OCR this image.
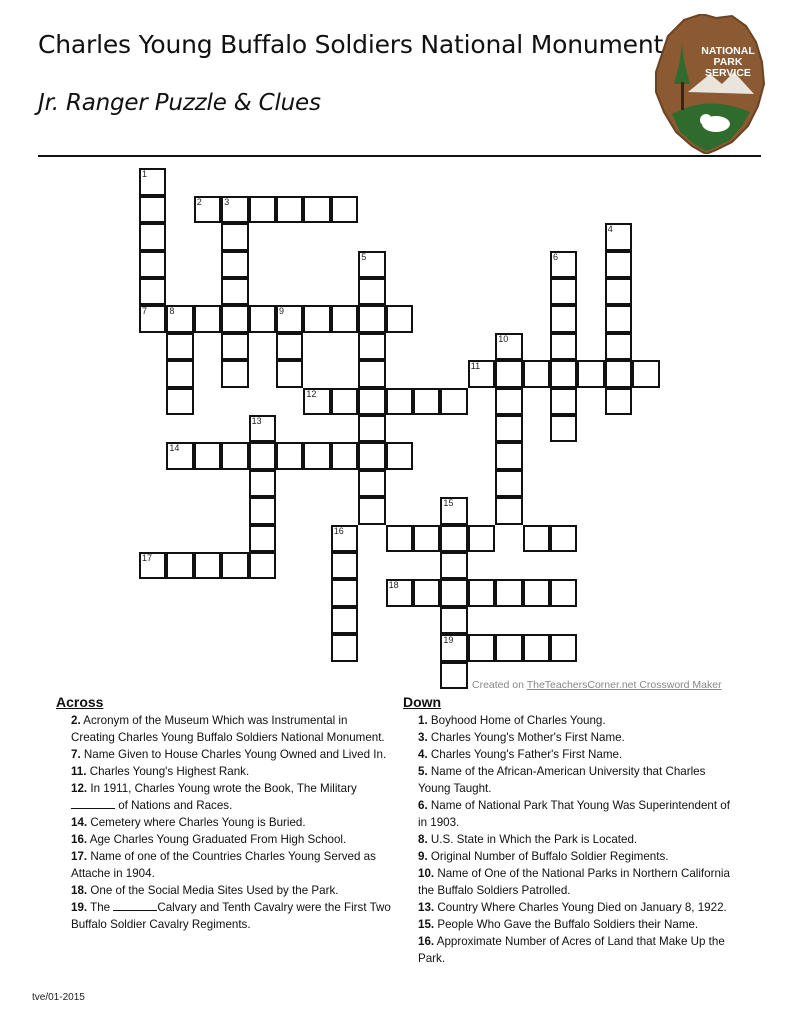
Charles Young Buffalo Soldiers National Monument
Jr. Ranger Puzzle & Clues
NATIONAL
PARK
SERVICE
1
7
2 3
4
5	6
8	9
10
11
12
13
14
15
16
17
18
19
Created on TheTeachersCorner.net Crossword Maker
Across
2. Acronym of the Museum Which was Instrumental in Creating Charles Young Buffalo Soldiers National Monument.
7. Name Given to House Charles Young Owned and Lived In.
11. Charles Young's Highest Rank.
12. In 1911, Charles Young wrote the Book, The Military of Nations and Races.
14. Cemetery where Charles Young is Buried.
16. Age Charles Young Graduated From High School.
17. Name of one of the Countries Charles Young Served as Attache in 1904.
18. One of the Social Media Sites Used by the Park.
19. The	Calvary and Tenth Cavalry were the First Two Buffalo Soldier Cavalry Regiments.
Down
1. Boyhood Home of Charles Young.
3. Charles Young's Mother's First Name.
4. Charles Young's Father's First Name.
5. Name of the African-American University that Charles Young Taught.
6. Name of National Park That Young Was Superintendent of in 1903.
8. U.S. State in Which the Park is Located.
9. Original Number of Buffalo Soldier Regiments.
10. Name of One of the National Parks in Northern California the Buffalo Soldiers Patrolled.
13. Country Where Charles Young Died on January 8, 1922.
15. People Who Gave the Buffalo Soldiers their Name.
16. Approximate Number of Acres of Land that Make Up the Park.
tve/01-2015
